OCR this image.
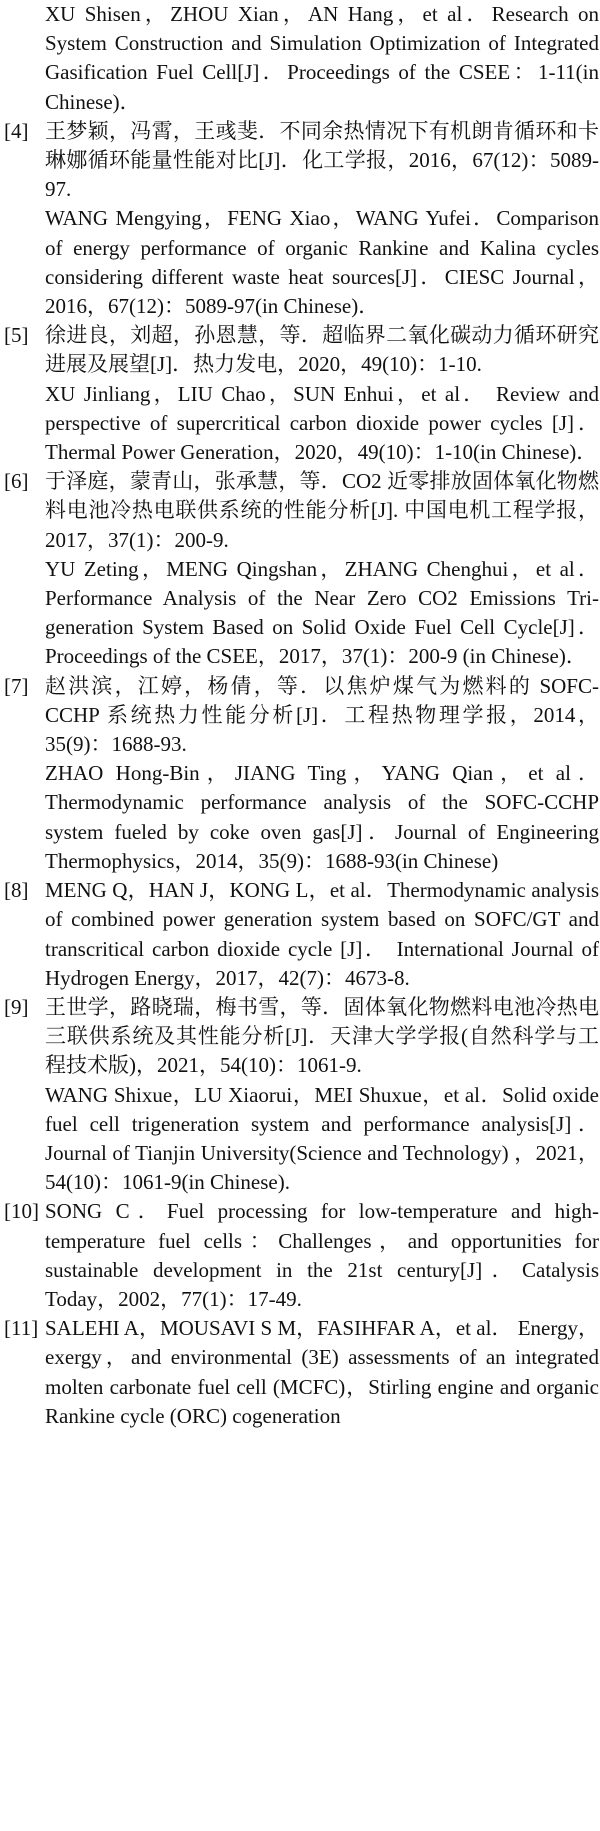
XU Shisen，ZHOU Xian，AN Hang，et al．Research on System Construction and Simulation Optimization of Integrated Gasification Fuel Cell[J]．Proceedings of the CSEE：1-11(in Chinese)．

[4] 王梦颖，冯霄，王彧斐．不同余热情况下有机朗肯循环和卡琳娜循环能量性能对比[J]．化工学报，2016，67(12)：5089-97.

WANG Mengying，FENG Xiao，WANG Yufei．Comparison of energy performance of organic Rankine and Kalina cycles considering different waste heat sources[J]．CIESC Journal，2016，67(12)：5089-97(in Chinese)．

[5] 徐进良，刘超，孙恩慧，等．超临界二氧化碳动力循环研究进展及展望[J]．热力发电，2020，49(10)：1-10.

XU Jinliang，LIU Chao，SUN Enhui，et al． Review and perspective of supercritical carbon dioxide power cycles [J]．Thermal Power Generation，2020，49(10)：1-10(in Chinese)．

[6] 于泽庭，蒙青山，张承慧，等．CO2 近零排放固体氧化物燃料电池冷热电联供系统的性能分析[J]. 中国电机工程学报，2017，37(1)：200-9.

YU Zeting，MENG Qingshan，ZHANG Chenghui，et al．Performance Analysis of the Near Zero CO2 Emissions Tri-generation System Based on Solid Oxide Fuel Cell Cycle[J]．Proceedings of the CSEE，2017，37(1)：200-9 (in Chinese)．

[7] 赵洪滨，江婷，杨倩，等．以焦炉煤气为燃料的 SOFC-CCHP 系统热力性能分析[J]．工程热物理学报，2014，35(9)：1688-93.

ZHAO Hong-Bin，JIANG Ting，YANG Qian，et al． Thermodynamic performance analysis of the SOFC-CCHP system fueled by coke oven gas[J]．Journal of Engineering Thermophysics，2014，35(9)：1688-93(in Chinese)

[8] MENG Q，HAN J，KONG L，et al．Thermodynamic analysis of combined power generation system based on SOFC/GT and transcritical carbon dioxide cycle [J]． International Journal of Hydrogen Energy，2017，42(7)：4673-8.

[9] 王世学，路晓瑞，梅书雪，等．固体氧化物燃料电池冷热电三联供系统及其性能分析[J]．天津大学学报(自然科学与工程技术版)，2021，54(10)：1061-9.

WANG Shixue，LU Xiaorui，MEI Shuxue，et al．Solid oxide fuel cell trigeneration system and performance analysis[J]．Journal of Tianjin University(Science and Technology) ，2021，54(10)：1061-9(in Chinese).

[10] SONG C．Fuel processing for low-temperature and high-temperature fuel cells：Challenges，and opportunities for sustainable development in the 21st century[J]．Catalysis Today，2002，77(1)：17-49.

[11] SALEHI A，MOUSAVI S M，FASIHFAR A，et al． Energy，exergy，and environmental (3E) assessments of an integrated molten carbonate fuel cell (MCFC)，Stirling engine and organic Rankine cycle (ORC) cogeneration
